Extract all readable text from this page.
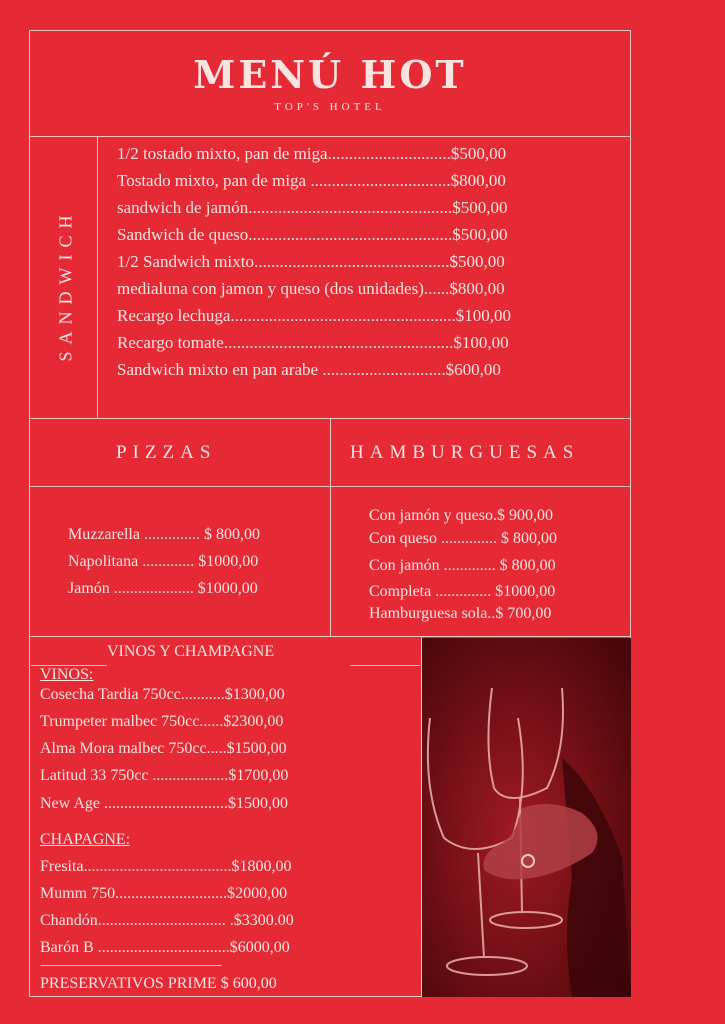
MENÚ HOT
TOP'S HOTEL
SANDWICH
1/2 tostado mixto, pan de miga.............................$500,00
Tostado mixto, pan de miga .................................$800,00
sandwich de jamón................................................$500,00
Sandwich de queso................................................$500,00
1/2 Sandwich mixto..............................................$500,00
medialuna con jamon y queso (dos unidades)......$800,00
Recargo lechuga.....................................................$100,00
Recargo tomate......................................................$100,00
Sandwich mixto en pan arabe .............................$600,00
PIZZAS
Muzzarella .............. $ 800,00
Napolitana ............. $1000,00
Jamón .................... $1000,00
HAMBURGUESAS
Con jamón y queso.$ 900,00
Con queso .............. $ 800,00
Con jamón ............. $ 800,00
Completa .............. $1000,00
Hamburguesa sola..$ 700,00
VINOS Y CHAMPAGNE
VINOS:
Cosecha Tardia 750cc...........$1300,00
Trumpeter malbec 750cc......$2300,00
Alma Mora malbec 750cc.....$1500,00
Latitud 33 750cc ...................$1700,00
New Age ...............................$1500,00
CHAPAGNE:
Fresita.....................................$1800,00
Mumm 750............................$2000,00
Chandón................................ .$3300.00
Barón B .................................$6000,00
--------------------------------------------------------------------
PRESERVATIVOS PRIME $ 600,00
